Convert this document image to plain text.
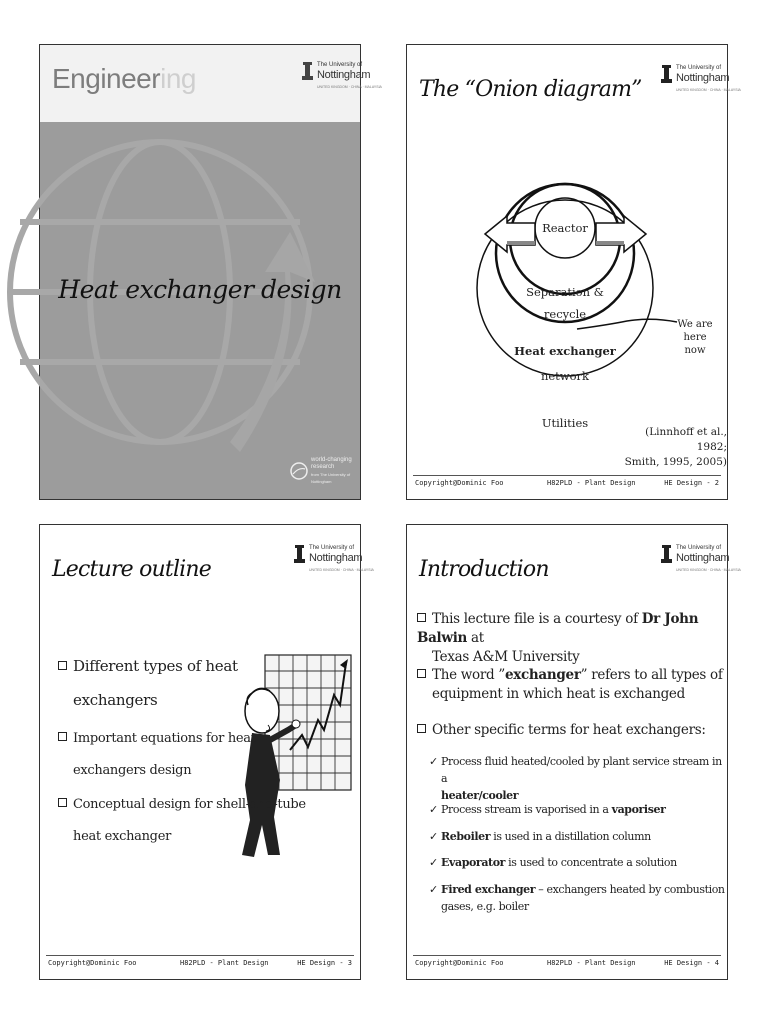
Engineering	The University of
Nottingham
UNITED KINGDOM · CHINA · MALAYSIA
Heat exchanger design
world-changing research
from The University of Nottingham
The “Onion diagram”
The University of
Nottingham
UNITED KINGDOM · CHINA · MALAYSIA
Reactor
Separation &
recycle
Heat exchanger
network
Utilities
We are here
now
(Linnhoff et al., 1982;
Smith, 1995, 2005)
Copyright@Dominic Foo	H82PLD - Plant Design	HE Design - 2
Lecture outline
The University of
Nottingham
UNITED KINGDOM · CHINA · MALAYSIA
Different types of heat
exchangers
Important equations for heat
exchangers design
Conceptual design for shell-and-tube
heat exchanger
Copyright@Dominic Foo	H82PLD - Plant Design	HE Design - 3
Introduction
The University of
Nottingham
UNITED KINGDOM · CHINA · MALAYSIA
This lecture file is a courtesy of Dr John Balwin at
Texas A&M University
The word ”exchanger” refers to all types of
equipment in which heat is exchanged
Other specific terms for heat exchangers:
✓ Process fluid heated/cooled by plant service stream in a
heater/cooler
✓ Process stream is vaporised in a vaporiser
✓ Reboiler is used in a distillation column
✓ Evaporator is used to concentrate a solution
✓ Fired exchanger – exchangers heated by combustion
gases, e.g. boiler
Copyright@Dominic Foo	H82PLD - Plant Design	HE Design - 4
